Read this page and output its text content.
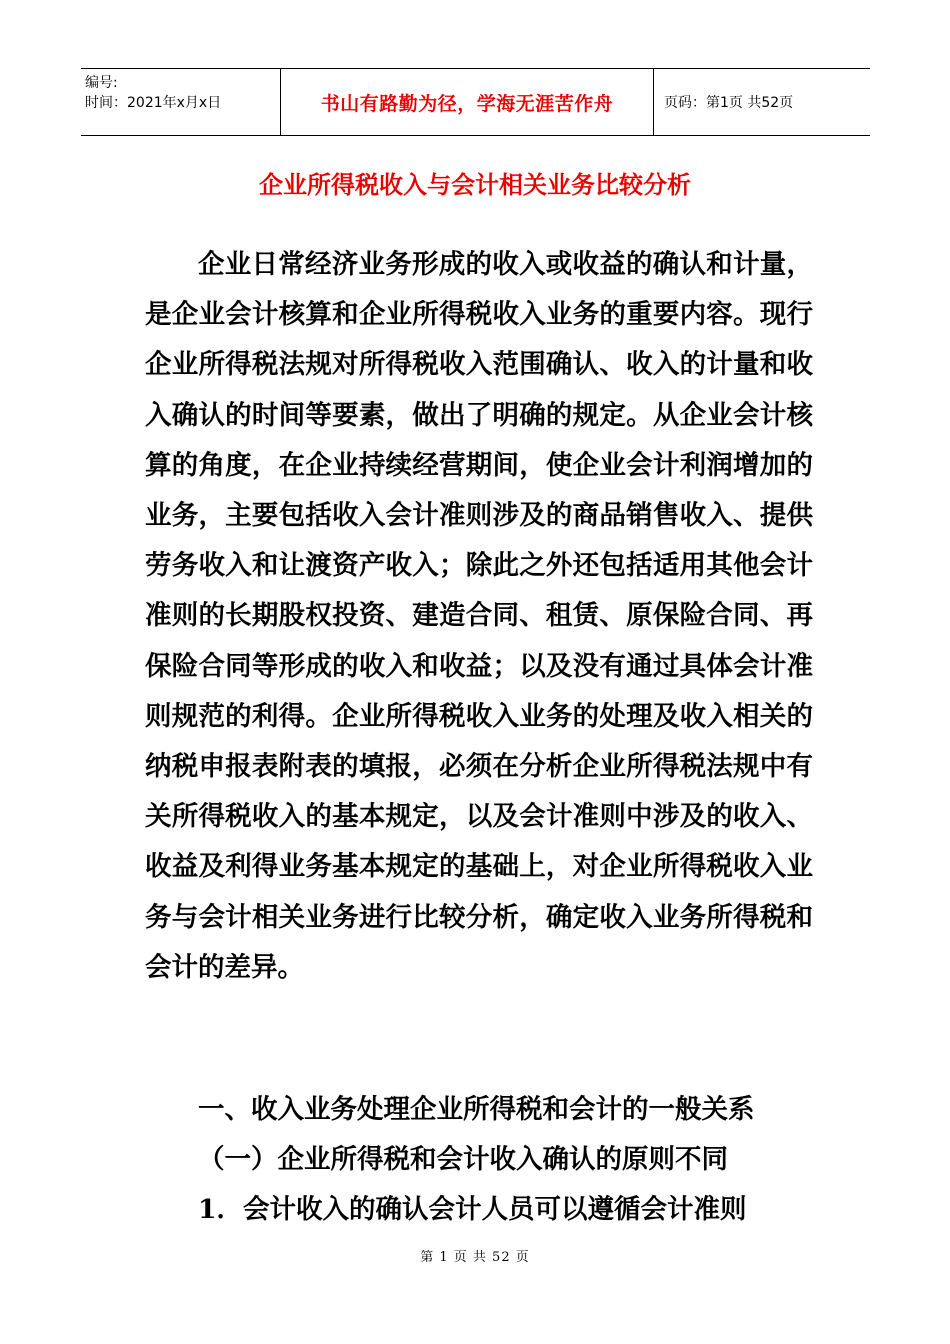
编号:
时间：2021年x月x日	书山有路勤为径，学海无涯苦作舟	页码：第1页 共52页
企业所得税收入与会计相关业务比较分析

企业日常经济业务形成的收入或收益的确认和计量，是企业会计核算和企业所得税收入业务的重要内容。现行企业所得税法规对所得税收入范围确认、收入的计量和收入确认的时间等要素，做出了明确的规定。从企业会计核算的角度，在企业持续经营期间，使企业会计利润增加的业务，主要包括收入会计准则涉及的商品销售收入、提供劳务收入和让渡资产收入；除此之外还包括适用其他会计准则的长期股权投资、建造合同、租赁、原保险合同、再保险合同等形成的收入和收益；以及没有通过具体会计准则规范的利得。企业所得税收入业务的处理及收入相关的纳税申报表附表的填报，必须在分析企业所得税法规中有关所得税收入的基本规定，以及会计准则中涉及的收入、收益及利得业务基本规定的基础上，对企业所得税收入业务与会计相关业务进行比较分析，确定收入业务所得税和会计的差异。

一、收入业务处理企业所得税和会计的一般关系

（一）企业所得税和会计收入确认的原则不同

1．会计收入的确认会计人员可以遵循会计准则

第 1 页 共 52 页
